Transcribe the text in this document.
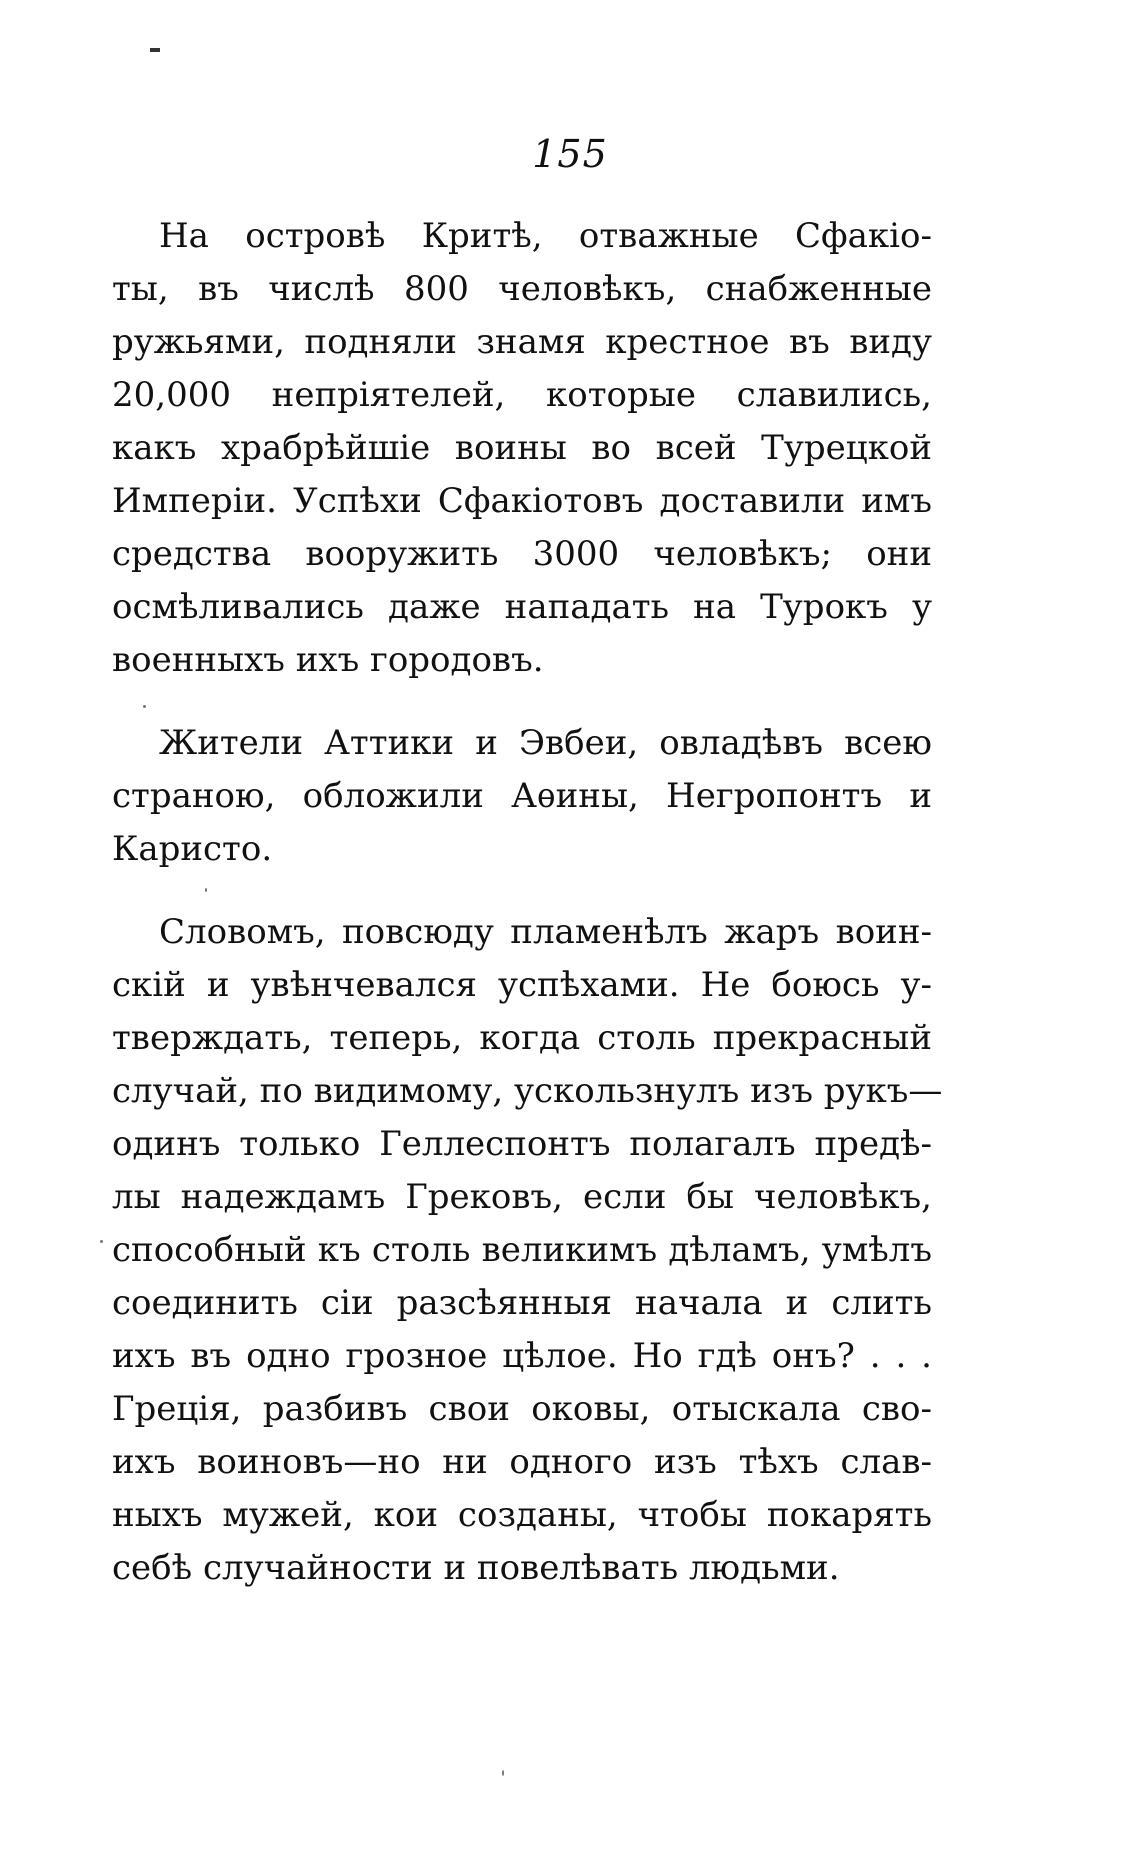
155
На островѣ Критѣ, отважные Сфакіо-
ты, въ числѣ 800 человѣкъ, снабженные
ружьями, подняли знамя крестное въ виду
20,000 непріятелей, которые славились,
какъ храбрѣйшіе воины во всей Турецкой
Имперіи. Успѣхи Сфакіотовъ доставили имъ
средства вооружить 3000 человѣкъ; они
осмѣливались даже нападать на Турокъ у
военныхъ ихъ городовъ.
Жители Аттики и Эвбеи, овладѣвъ всею
страною, обложили Аѳины, Негропонтъ и
Каристо.
Словомъ, повсюду пламенѣлъ жаръ воин-
скій и увѣнчевался успѣхами. Не боюсь у-
тверждать, теперь, когда столь прекрасный
случай, по видимому, ускользнулъ изъ рукъ—
одинъ только Геллеспонтъ полагалъ предѣ-
лы надеждамъ Грековъ, если бы человѣкъ,
способный къ столь великимъ дѣламъ, умѣлъ
соединить сіи разсѣянныя начала и слить
ихъ въ одно грозное цѣлое. Но гдѣ онъ? . . .
Греція, разбивъ свои оковы, отыскала сво-
ихъ воиновъ—но ни одного изъ тѣхъ слав-
ныхъ мужей, кои созданы, чтобы покарять
себѣ случайности и повелѣвать людьми.
